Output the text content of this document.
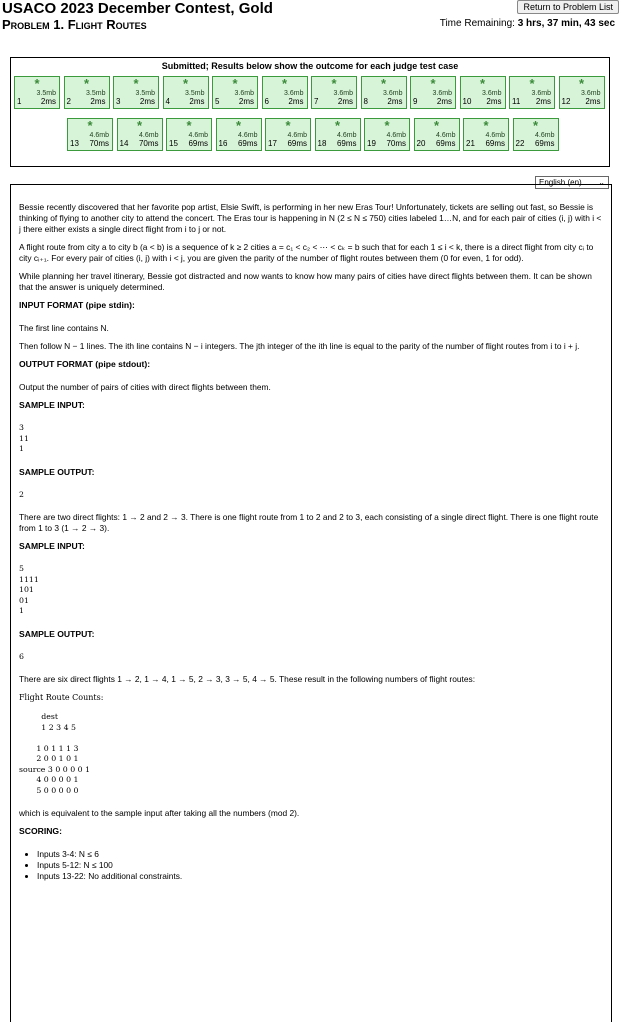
USACO 2023 December Contest, Gold
Problem 1. Flight Routes
Return to Problem List
Time Remaining: 3 hrs, 37 min, 43 sec
Submitted; Results below show the outcome for each judge test case
*
3.5mb
1 2ms
*
3.5mb
2 2ms
*
3.5mb
3 2ms
*
3.5mb
4 2ms
*
3.6mb
5 2ms
*
3.6mb
6 2ms
*
3.6mb
7 2ms
*
3.6mb
8 2ms
*
3.6mb
9 2ms
*
3.6mb
10 2ms
*
3.6mb
11 2ms
*
3.6mb
12 2ms
*
4.6mb
13 70ms
*
4.6mb
14 70ms
*
4.6mb
15 69ms
*
4.6mb
16 69ms
*
4.6mb
17 69ms
*
4.6mb
18 69ms
*
4.6mb
19 70ms
*
4.6mb
20 69ms
*
4.6mb
21 69ms
*
4.6mb
22 69ms
English (en) ⌄

Bessie recently discovered that her favorite pop artist, Elsie Swift, is performing in her new Eras Tour! Unfortunately, tickets are selling out fast, so Bessie is thinking of flying to another city to attend the concert. The Eras tour is happening in N (2 ≤ N ≤ 750) cities labeled 1…N, and for each pair of cities (i, j) with i < j there either exists a single direct flight from i to j or not.

A flight route from city a to city b (a < b) is a sequence of k ≥ 2 cities a = c₁ < c₂ < ⋯ < cₖ = b such that for each 1 ≤ i < k, there is a direct flight from city cᵢ to city cᵢ₊₁. For every pair of cities (i, j) with i < j, you are given the parity of the number of flight routes between them (0 for even, 1 for odd).

While planning her travel itinerary, Bessie got distracted and now wants to know how many pairs of cities have direct flights between them. It can be shown that the answer is uniquely determined.

INPUT FORMAT (pipe stdin):

The first line contains N.

Then follow N − 1 lines. The ith line contains N − i integers. The jth integer of the ith line is equal to the parity of the number of flight routes from i to i + j.

OUTPUT FORMAT (pipe stdout):

Output the number of pairs of cities with direct flights between them.

SAMPLE INPUT:
3
11
1
SAMPLE OUTPUT:
2

There are two direct flights: 1 → 2 and 2 → 3. There is one flight route from 1 to 2 and 2 to 3, each consisting of a single direct flight. There is one flight route from 1 to 3 (1 → 2 → 3).

SAMPLE INPUT:
5
1111
101
01
1
SAMPLE OUTPUT:
6

There are six direct flights 1 → 2, 1 → 4, 1 → 5, 2 → 3, 3 → 5, 4 → 5. These result in the following numbers of flight routes:

Flight Route Counts:
dest
1 2 3 4 5

1 0 1 1 1 3
2 0 0 1 0 1
source 3 0 0 0 0 1
4 0 0 0 0 1
5 0 0 0 0 0

which is equivalent to the sample input after taking all the numbers (mod 2).

SCORING:
• Inputs 3-4: N ≤ 6
• Inputs 5-12: N ≤ 100
• Inputs 13-22: No additional constraints.
